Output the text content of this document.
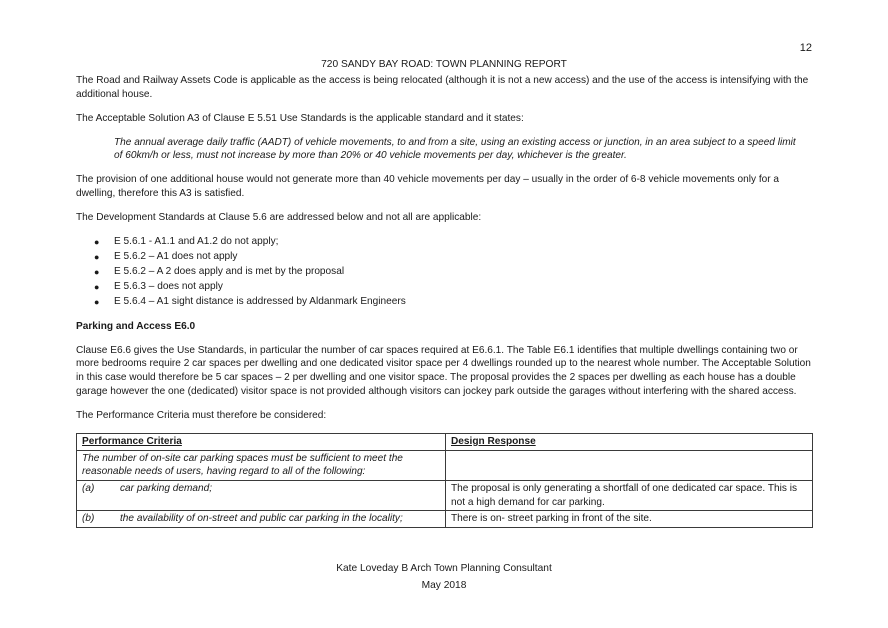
12
720 SANDY BAY ROAD: TOWN PLANNING REPORT

The Road and Railway Assets Code is applicable as the access is being relocated (although it is not a new access) and the use of the access is intensifying with the additional house.

The Acceptable Solution A3 of Clause E 5.51 Use Standards is the applicable standard and it states:

The annual average daily traffic (AADT) of vehicle movements, to and from a site, using an existing access or junction, in an area subject to a speed limit of 60km/h or less, must not increase by more than 20% or 40 vehicle movements per day, whichever is the greater.

The provision of one additional house would not generate more than 40 vehicle movements per day – usually in the order of 6-8 vehicle movements only for a dwelling, therefore this A3 is satisfied.

The Development Standards at Clause 5.6 are addressed below and not all are applicable:

● E 5.6.1 - A1.1 and A1.2 do not apply;
● E 5.6.2 – A1 does not apply
● E 5.6.2 – A 2 does apply and is met by the proposal
● E 5.6.3 – does not apply
● E 5.6.4 – A1 sight distance is addressed by Aldanmark Engineers

Parking and Access E6.0

Clause E6.6 gives the Use Standards, in particular the number of car spaces required at E6.6.1. The Table E6.1 identifies that multiple dwellings containing two or more bedrooms require 2 car spaces per dwelling and one dedicated visitor space per 4 dwellings rounded up to the nearest whole number. The Acceptable Solution in this case would therefore be 5 car spaces – 2 per dwelling and one visitor space. The proposal provides the 2 spaces per dwelling as each house has a double garage however the one (dedicated) visitor space is not provided although visitors can jockey park outside the garages without interfering with the shared access.

The Performance Criteria must therefore be considered:

Performance Criteria	Design Response
The number of on-site car parking spaces must be sufficient to meet the reasonable needs of users, having regard to all of the following:	
(a) car parking demand;	The proposal is only generating a shortfall of one dedicated car space. This is not a high demand for car parking.
(b) the availability of on-street and public car parking in the locality;	There is on- street parking in front of the site.
Kate Loveday B Arch Town Planning Consultant
May 2018
